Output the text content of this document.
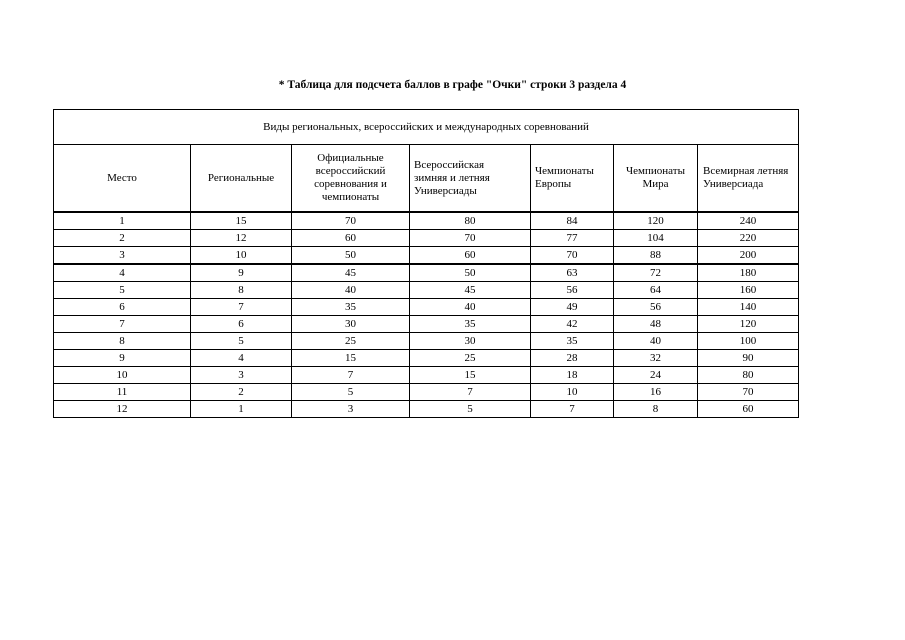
* Таблица для подсчета баллов в графе "Очки" строки 3 раздела 4
Виды региональных, всероссийских и международных соревнований						
Место	Региональные	Официальные всероссийский соревнования и чемпионаты	Всероссийская зимняя и летняя Универсиады	Чемпионаты Европы	Чемпионаты Мира	Всемирная летняя Универсиада
1	15	70	80	84	120	240
2	12	60	70	77	104	220
3	10	50	60	70	88	200
4	9	45	50	63	72	180
5	8	40	45	56	64	160
6	7	35	40	49	56	140
7	6	30	35	42	48	120
8	5	25	30	35	40	100
9	4	15	25	28	32	90
10	3	7	15	18	24	80
11	2	5	7	10	16	70
12	1	3	5	7	8	60
